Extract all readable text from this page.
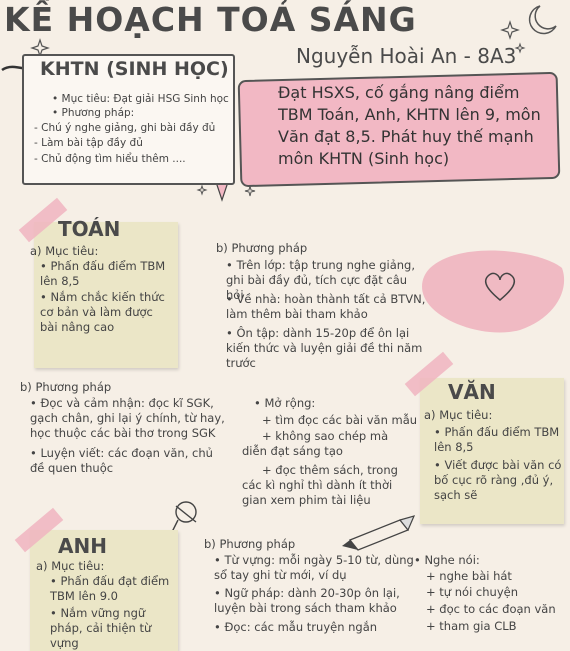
KẾ HOẠCH TOẢ SÁNG
Nguyễn Hoài An - 8A3
KHTN (SINH HỌC)
• Mục tiêu: Đạt giải HSG Sinh học
• Phương pháp:
- Chú ý nghe giảng, ghi bài đầy đủ
- Làm bài tập đầy đủ
- Chủ động tìm hiểu thêm ....
Đạt HSXS, cố gắng nâng điểm TBM Toán, Anh, KHTN lên 9, môn Văn đạt 8,5. Phát huy thế mạnh môn KHTN (Sinh học)
TOÁN
a) Mục tiêu:
• Phấn đấu điểm TBM lên 8,5
• Nắm chắc kiến thức cơ bản và làm được bài nâng cao
b) Phương pháp
• Trên lớp: tập trung nghe giảng, ghi bài đầy đủ, tích cực đặt câu hỏi
• Về nhà: hoàn thành tất cả BTVN, làm thêm bài tham khảo
• Ôn tập: dành 15-20p để ôn lại kiến thức và luyện giải đề thi năm trước
b) Phương pháp
• Đọc và cảm nhận: đọc kĩ SGK, gạch chân, ghi lại ý chính, từ hay, học thuộc các bài thơ trong SGK
• Luyện viết: các đoạn văn, chủ đề quen thuộc
• Mở rộng:
+ tìm đọc các bài văn mẫu
+ không sao chép mà diễn đạt sáng tạo
+ đọc thêm sách, trong các kì nghỉ thì dành ít thời gian xem phim tài liệu
VĂN
a) Mục tiêu:
• Phấn đấu điểm TBM lên 8,5
• Viết được bài văn có bố cục rõ ràng ,đủ ý, sạch sẽ
ANH
a) Mục tiêu:
• Phấn đấu đạt điểm TBM lên 9.0
• Nắm vững ngữ pháp, cải thiện từ vựng
b) Phương pháp
• Từ vựng: mỗi ngày 5-10 từ, dùng sổ tay ghi từ mới, ví dụ
• Ngữ pháp: dành 20-30p ôn lại, luyện bài trong sách tham khảo
• Đọc: các mẫu truyện ngắn
• Nghe nói:
+ nghe bài hát
+ tự nói chuyện
+ đọc to các đoạn văn
+ tham gia CLB
